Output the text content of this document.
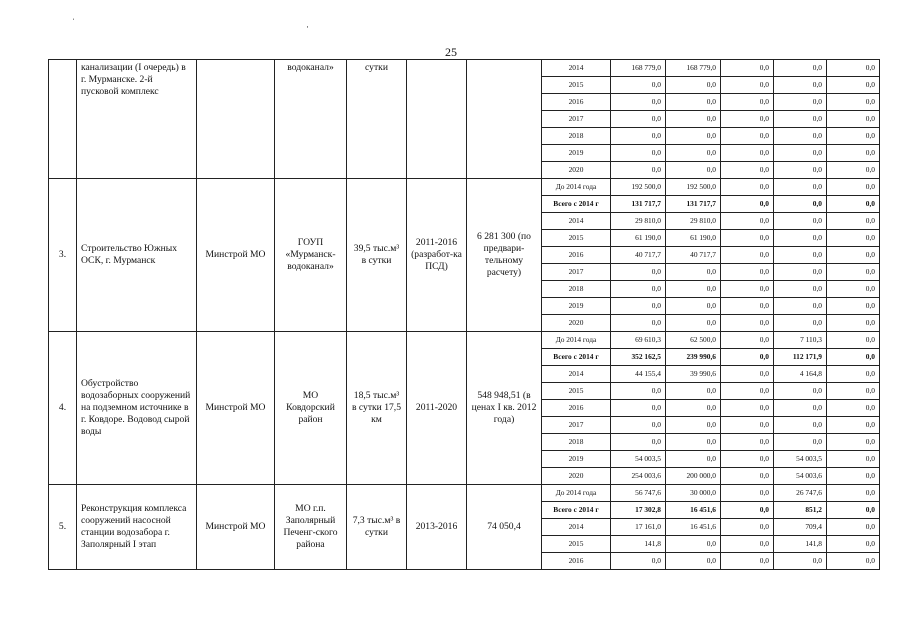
ˌ
·
25
	канализации (I очередь) в г. Мурманске. 2-й пусковой комплекс		водоканал»	сутки			2014	168 779,0	168 779,0	0,0	0,0	0,0
							2015	0,0	0,0	0,0	0,0	0,0
							2016	0,0	0,0	0,0	0,0	0,0
							2017	0,0	0,0	0,0	0,0	0,0
							2018	0,0	0,0	0,0	0,0	0,0
							2019	0,0	0,0	0,0	0,0	0,0
							2020	0,0	0,0	0,0	0,0	0,0
3.	Строительство Южных ОСК, г. Мурманск	Минстрой МО	ГОУП «Мурманск-водоканал»	39,5 тыс.м³ в сутки	2011-2016 (разработ-ка ПСД)	6 281 300 (по предвари-тельному расчету)	До 2014 года	192 500,0	192 500,0	0,0	0,0	0,0
							Всего с 2014 г	131 717,7	131 717,7	0,0	0,0	0,0
							2014	29 810,0	29 810,0	0,0	0,0	0,0
							2015	61 190,0	61 190,0	0,0	0,0	0,0
							2016	40 717,7	40 717,7	0,0	0,0	0,0
							2017	0,0	0,0	0,0	0,0	0,0
							2018	0,0	0,0	0,0	0,0	0,0
							2019	0,0	0,0	0,0	0,0	0,0
							2020	0,0	0,0	0,0	0,0	0,0
4.	Обустройство водозаборных сооружений на подземном источнике в г. Ковдоре. Водовод сырой воды	Минстрой МО	МО Ковдорский район	18,5 тыс.м³ в сутки 17,5 км	2011-2020	548 948,51 (в ценах I кв. 2012 года)	До 2014 года	69 610,3	62 500,0	0,0	7 110,3	0,0
							Всего с 2014 г	352 162,5	239 990,6	0,0	112 171,9	0,0
							2014	44 155,4	39 990,6	0,0	4 164,8	0,0
							2015	0,0	0,0	0,0	0,0	0,0
							2016	0,0	0,0	0,0	0,0	0,0
							2017	0,0	0,0	0,0	0,0	0,0
							2018	0,0	0,0	0,0	0,0	0,0
							2019	54 003,5	0,0	0,0	54 003,5	0,0
							2020	254 003,6	200 000,0	0,0	54 003,6	0,0
5.	Реконструкция комплекса сооружений насосной станции водозабора г. Заполярный I этап	Минстрой МО	МО г.п. Заполярный Печенг-ского района	7,3 тыс.м³ в сутки	2013-2016	74 050,4	До 2014 года	56 747,6	30 000,0	0,0	26 747,6	0,0
							Всего с 2014 г	17 302,8	16 451,6	0,0	851,2	0,0
							2014	17 161,0	16 451,6	0,0	709,4	0,0
							2015	141,8	0,0	0,0	141,8	0,0
							2016	0,0	0,0	0,0	0,0	0,0
